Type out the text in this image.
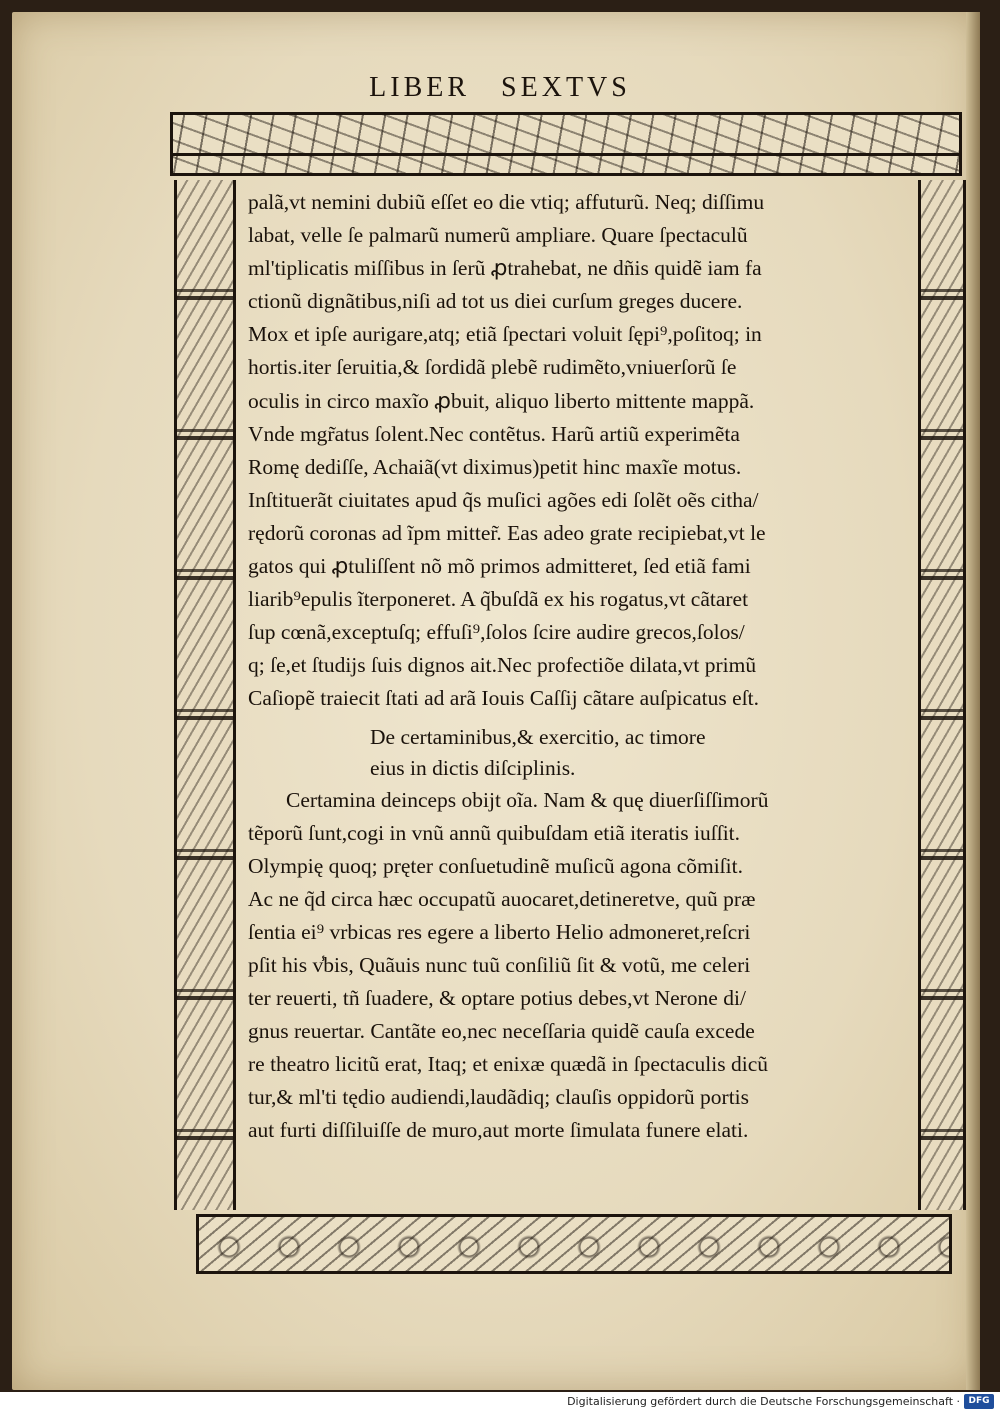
LIBER SEXTVS
palã,vt nemini dubiũ eſſet eo die vtiq; affuturũ. Neq; diſſimu
labat, velle ſe palmarũ numerũ ampliare. Quare ſpectaculũ
ml'tiplicatis miſſibus in ſerũ ꝓtrahebat, ne dñis quidẽ iam fa
ctionũ dignãtibus,niſi ad tot us diei curſum greges ducere.
Mox et ipſe aurigare,atq; etiã ſpectari voluit ſępi⁹,poſitoq; in
hortis.iter ſeruitia,& ſordidã plebẽ rudimẽto,vniuerſorũ ſe
oculis in circo maxĩo ꝓbuit, aliquo liberto mittente mappã.
Vnde mgr̃atus ſolent.Nec contẽtus. Harũ artiũ experimẽta
Romę dediſſe, Achaiã(vt diximus)petit hinc maxĩe motus.
Inſtituerãt ciuitates apud q̃s muſici agões edi ſolẽt oẽs citha/
rędorũ coronas ad ĩpm mitter̃. Eas adeo grate recipiebat,vt le
gatos qui ꝓtuliſſent nõ mõ primos admitteret, ſed etiã fami
liarib⁹epulis ĩterponeret. A q̃buſdã ex his rogatus,vt cãtaret
ſup cœnã,exceptuſq; effuſi⁹,ſolos ſcire audire grecos,ſolos/
q; ſe,et ſtudijs ſuis dignos ait.Nec profectiõe dilata,vt primũ
Caſiopẽ traiecit ſtati ad arã Iouis Caſſij cãtare auſpicatus eſt.
De certaminibus,& exercitio, ac timore
eius in dictis diſciplinis.
Certamina deinceps obijt oĩa. Nam & quę diuerſiſſimorũ
tẽporũ ſunt,cogi in vnũ annũ quibuſdam etiã iteratis iuſſit.
Olympię quoq; pręter conſuetudinẽ muſicũ agona cõmiſit.
Ac ne q̃d circa hæc occupatũ auocaret,detineretve, quũ præ
ſentia ei⁹ vrbicas res egere a liberto Helio admoneret,reſcri
pſit his v̾bis, Quãuis nunc tuũ conſiliũ ſit & votũ, me celeri
ter reuerti, tñ ſuadere, & optare potius debes,vt Nerone di/
gnus reuertar. Cantãte eo,nec neceſſaria quidẽ cauſa excede
re theatro licitũ erat, Itaq; et enixæ quædã in ſpectaculis dicũ
tur,& ml'ti tędio audiendi,laudãdiq; clauſis oppidorũ portis
aut furti diſſiluiſſe de muro,aut morte ſimulata funere elati.
Digitalisierung gefördert durch die Deutsche Forschungsgemeinschaft · DFG
